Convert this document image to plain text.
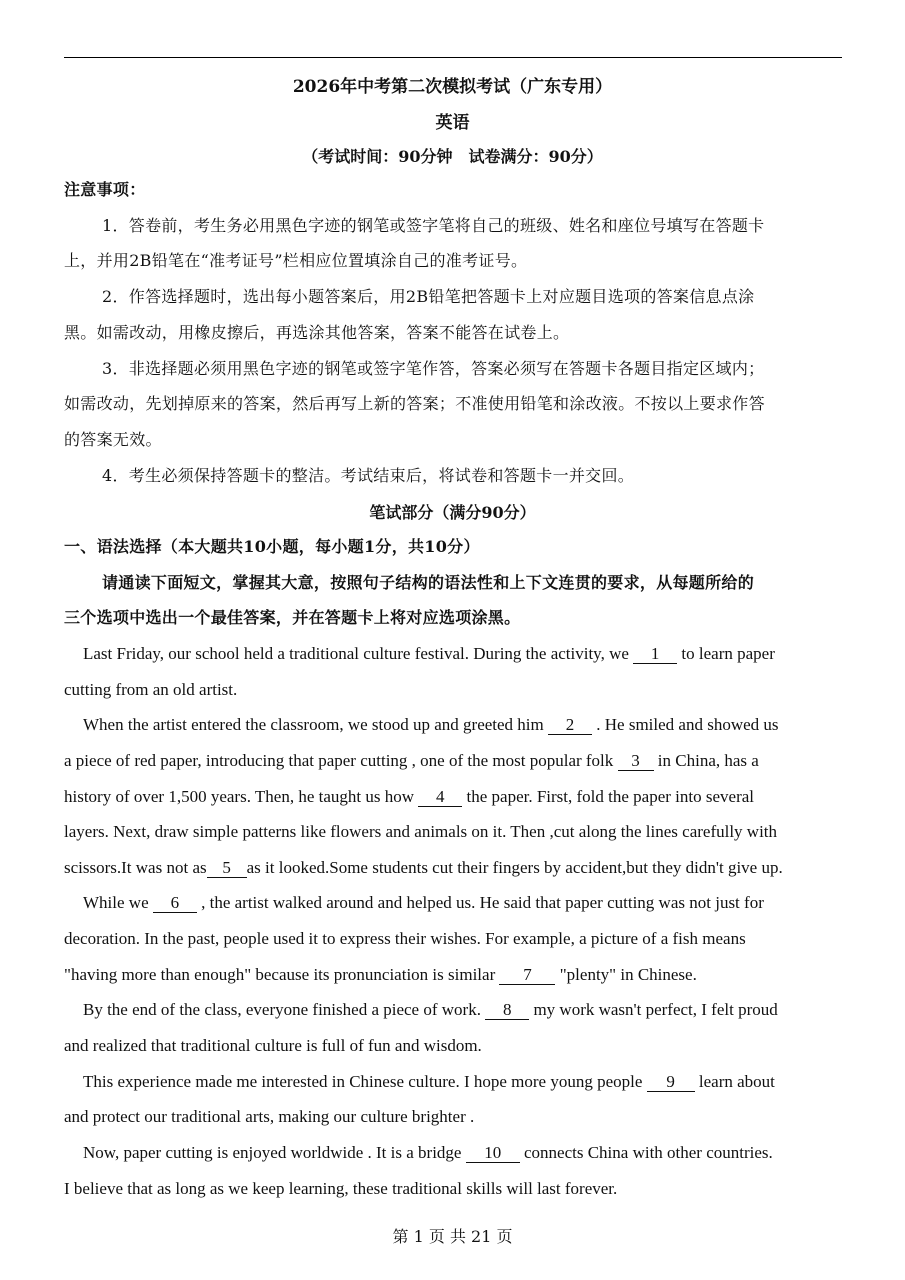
2026年中考第二次模拟考试（广东专用）
英语
（考试时间：90分钟　试卷满分：90分）
注意事项：
1．答卷前，考生务必用黑色字迹的钢笔或签字笔将自己的班级、姓名和座位号填写在答题卡
上，并用2B铅笔在“准考证号”栏相应位置填涂自己的准考证号。
2．作答选择题时，选出每小题答案后，用2B铅笔把答题卡上对应题目选项的答案信息点涂
黑。如需改动，用橡皮擦后，再选涂其他答案，答案不能答在试卷上。
3．非选择题必须用黑色字迹的钢笔或签字笔作答，答案必须写在答题卡各题目指定区域内；
如需改动，先划掉原来的答案，然后再写上新的答案；不准使用铅笔和涂改液。不按以上要求作答
的答案无效。
4．考生必须保持答题卡的整洁。考试结束后，将试卷和答题卡一并交回。
笔试部分（满分90分）
一、语法选择（本大题共10小题，每小题1分，共10分）
请通读下面短文，掌握其大意，按照句子结构的语法性和上下文连贯的要求，从每题所给的
三个选项中选出一个最佳答案，并在答题卡上将对应选项涂黑。
Last Friday, our school held a traditional culture festival. During the activity, we 1 to learn paper
cutting from an old artist.
When the artist entered the classroom, we stood up and greeted him 2 . He smiled and showed us
a piece of red paper, introducing that paper cutting , one of the most popular folk 3 in China, has a
history of over 1,500 years. Then, he taught us how 4 the paper. First, fold the paper into several
layers. Next, draw simple patterns like flowers and animals on it. Then ,cut along the lines carefully with
scissors.It was not as 5 as it looked.Some students cut their fingers by accident,but they didn't give up.
While we 6 , the artist walked around and helped us. He said that paper cutting was not just for
decoration. In the past, people used it to express their wishes. For example, a picture of a fish means
"having more than enough" because its pronunciation is similar 7 "plenty" in Chinese.
By the end of the class, everyone finished a piece of work. 8 my work wasn't perfect, I felt proud
and realized that traditional culture is full of fun and wisdom.
This experience made me interested in Chinese culture. I hope more young people 9 learn about
and protect our traditional arts, making our culture brighter .
Now, paper cutting is enjoyed worldwide . It is a bridge 10 connects China with other countries.
I believe that as long as we keep learning, these traditional skills will last forever.
第 1 页 共 21 页
